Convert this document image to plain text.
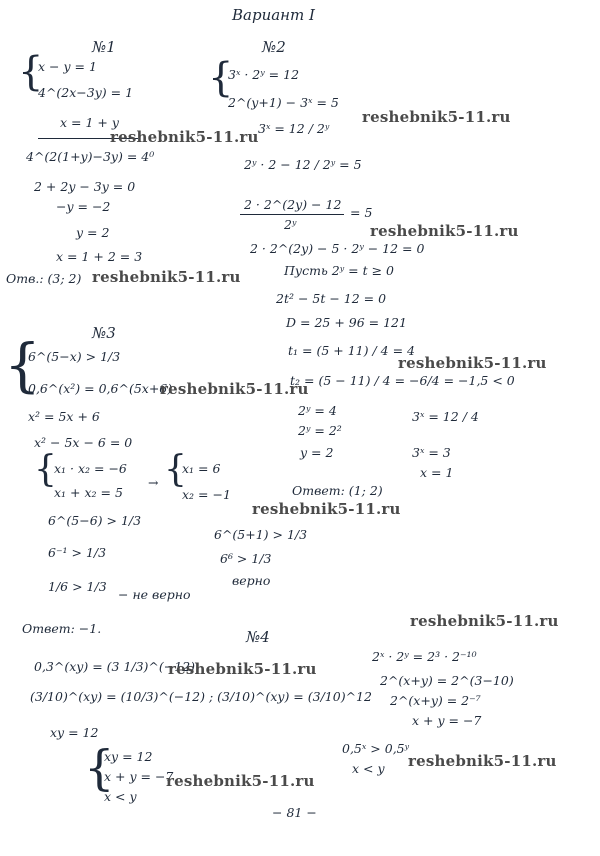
Вариант I
№1
{
x − y = 1
4^(2x−3y) = 1
x = 1 + y
4^(2(1+y)−3y) = 4⁰
2 + 2y − 3y = 0
−y = −2
y = 2
x = 1 + 2 = 3
Отв.: (3; 2)
№2
{
3ˣ · 2ʸ = 12
2^(y+1) − 3ˣ = 5
3ˣ = 12 / 2ʸ
2ʸ · 2 − 12 / 2ʸ = 5
2 · 2^(2y) − 12
2ʸ
= 5
2 · 2^(2y) − 5 · 2ʸ − 12 = 0
Пусть 2ʸ = t ≥ 0
2t² − 5t − 12 = 0
D = 25 + 96 = 121
t₁ = (5 + 11) / 4 = 4
t₂ = (5 − 11) / 4 = −6/4 = −1,5 < 0
2ʸ = 4
2ʸ = 2²
y = 2
3ˣ = 12 / 4
3ˣ = 3
x = 1
Ответ: (1; 2)
№3
{
6^(5−x) > 1/3
0,6^(x²) = 0,6^(5x+6)
x² = 5x + 6
x² − 5x − 6 = 0
{
x₁ · x₂ = −6
x₁ + x₂ = 5
→ {
x₁ = 6
x₂ = −1
6^(5−6) > 1/3
6⁻¹ > 1/3
1/6 > 1/3
− не верно
6^(5+1) > 1/3
6⁶ > 1/3
верно
Ответ: −1.	№4
0,3^(xy) = (3 1/3)^(−12)
(3/10)^(xy) = (10/3)^(−12) ; (3/10)^(xy) = (3/10)^12
xy = 12
{
xy = 12
x + y = −7
x < y
2ˣ · 2ʸ = 2³ · 2⁻¹⁰
2^(x+y) = 2^(3−10)
2^(x+y) = 2⁻⁷
x + y = −7
0,5ˣ > 0,5ʸ
x < y
− 81 −
reshebnik5-11.ru
reshebnik5-11.ru
reshebnik5-11.ru
reshebnik5-11.ru
reshebnik5-11.ru
reshebnik5-11.ru
reshebnik5-11.ru
reshebnik5-11.ru
reshebnik5-11.ru
reshebnik5-11.ru
reshebnik5-11.ru
